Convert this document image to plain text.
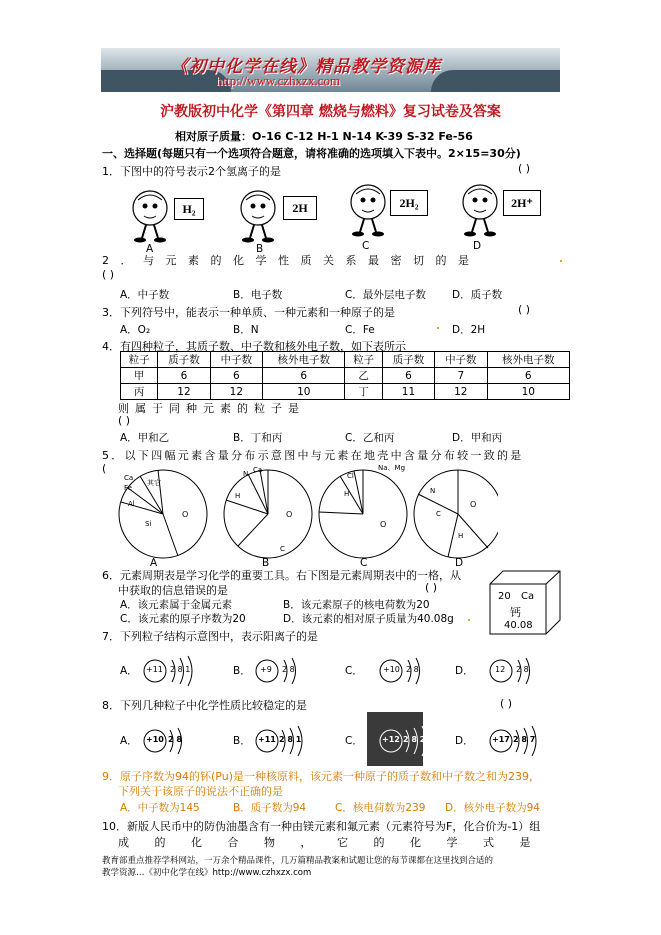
《初中化学在线》精品教学资源库
http://www.czhxzx.com
沪教版初中化学《第四章 燃烧与燃料》复习试卷及答案
相对原子质量：O-16 C-12 H-1 N-14 K-39 S-32 Fe-56
一、选择题(每题只有一个选项符合题意，请将准确的选项填入下表中。2×15=30分)
1．下图中的符号表示2个氢离子的是	( )
H₂	2H	2H₂	2H⁺
A	B	C	D
2．与元素的化学性质关系最密切的是
( )
A．中子数	B．电子数	C．最外层电子数 D．质子数
3．下列符号中，能表示一种单质、一种元素和一种原子的是	( )
A．O₂	B．N	C．Fe	D．2H
4．有四种粒子，其质子数、中子数和核外电子数，如下表所示
粒子	质子数	中子数	核外电子数	粒子	质子数	中子数	核外电子数
甲	6	6	6	乙	6	7	6
丙	12	12	10	丁	11	12	10
则属于同种元素的粒子是
( )
A．甲和乙	B．丁和丙	C．乙和丙	D．甲和丙
5．以下四幅元素含量分布示意图中与元素在地壳中含量分布较一致的是
(
Ca
Fe
其它
Al
Si
O
N Ca
H
C
O
Na、Mg
Cl
H
O
N
C
O
H
A	B	C	D
6．元素周期表是学习化学的重要工具。右下图是元素周期表中的一格，从
中获取的信息错误的是	( )
A．该元素属于金属元素	B．该元素原子的核电荷数为20
C．该元素的原子序数为20	D．该元素的相对原子质量为40.08g
20 Ca
钙
40.08
7．下列粒子结构示意图中，表示阳离子的是
A．	B．	C．	D．
+11 2 8 1	+9 2 8	+10 2 8	12 2 8
8．下列几种粒子中化学性质比较稳定的是	( )
A．	B．	C．	D．
+10 2 8	+11 2 8 1	+12 2 8 2	+17 2 8 7
9．原子序数为94的钚(Pu)是一种核原料，该元素一种原子的质子数和中子数之和为239，
下列关于该原子的说法不正确的是
A．中子数为145	B．质子数为94	C．核电荷数为239 D．核外电子数为94
10．新版人民币中的防伪油墨含有一种由镁元素和氟元素（元素符号为F，化合价为-1）组
成 的 化 合 物 ， 它 的 化 学 式 是
教育部重点推荐学科网站，一万余个精品课件，几万篇精品教案和试题让您的每节课都在这里找到合适的
教学资源…《初中化学在线》http://www.czhxzx.com
